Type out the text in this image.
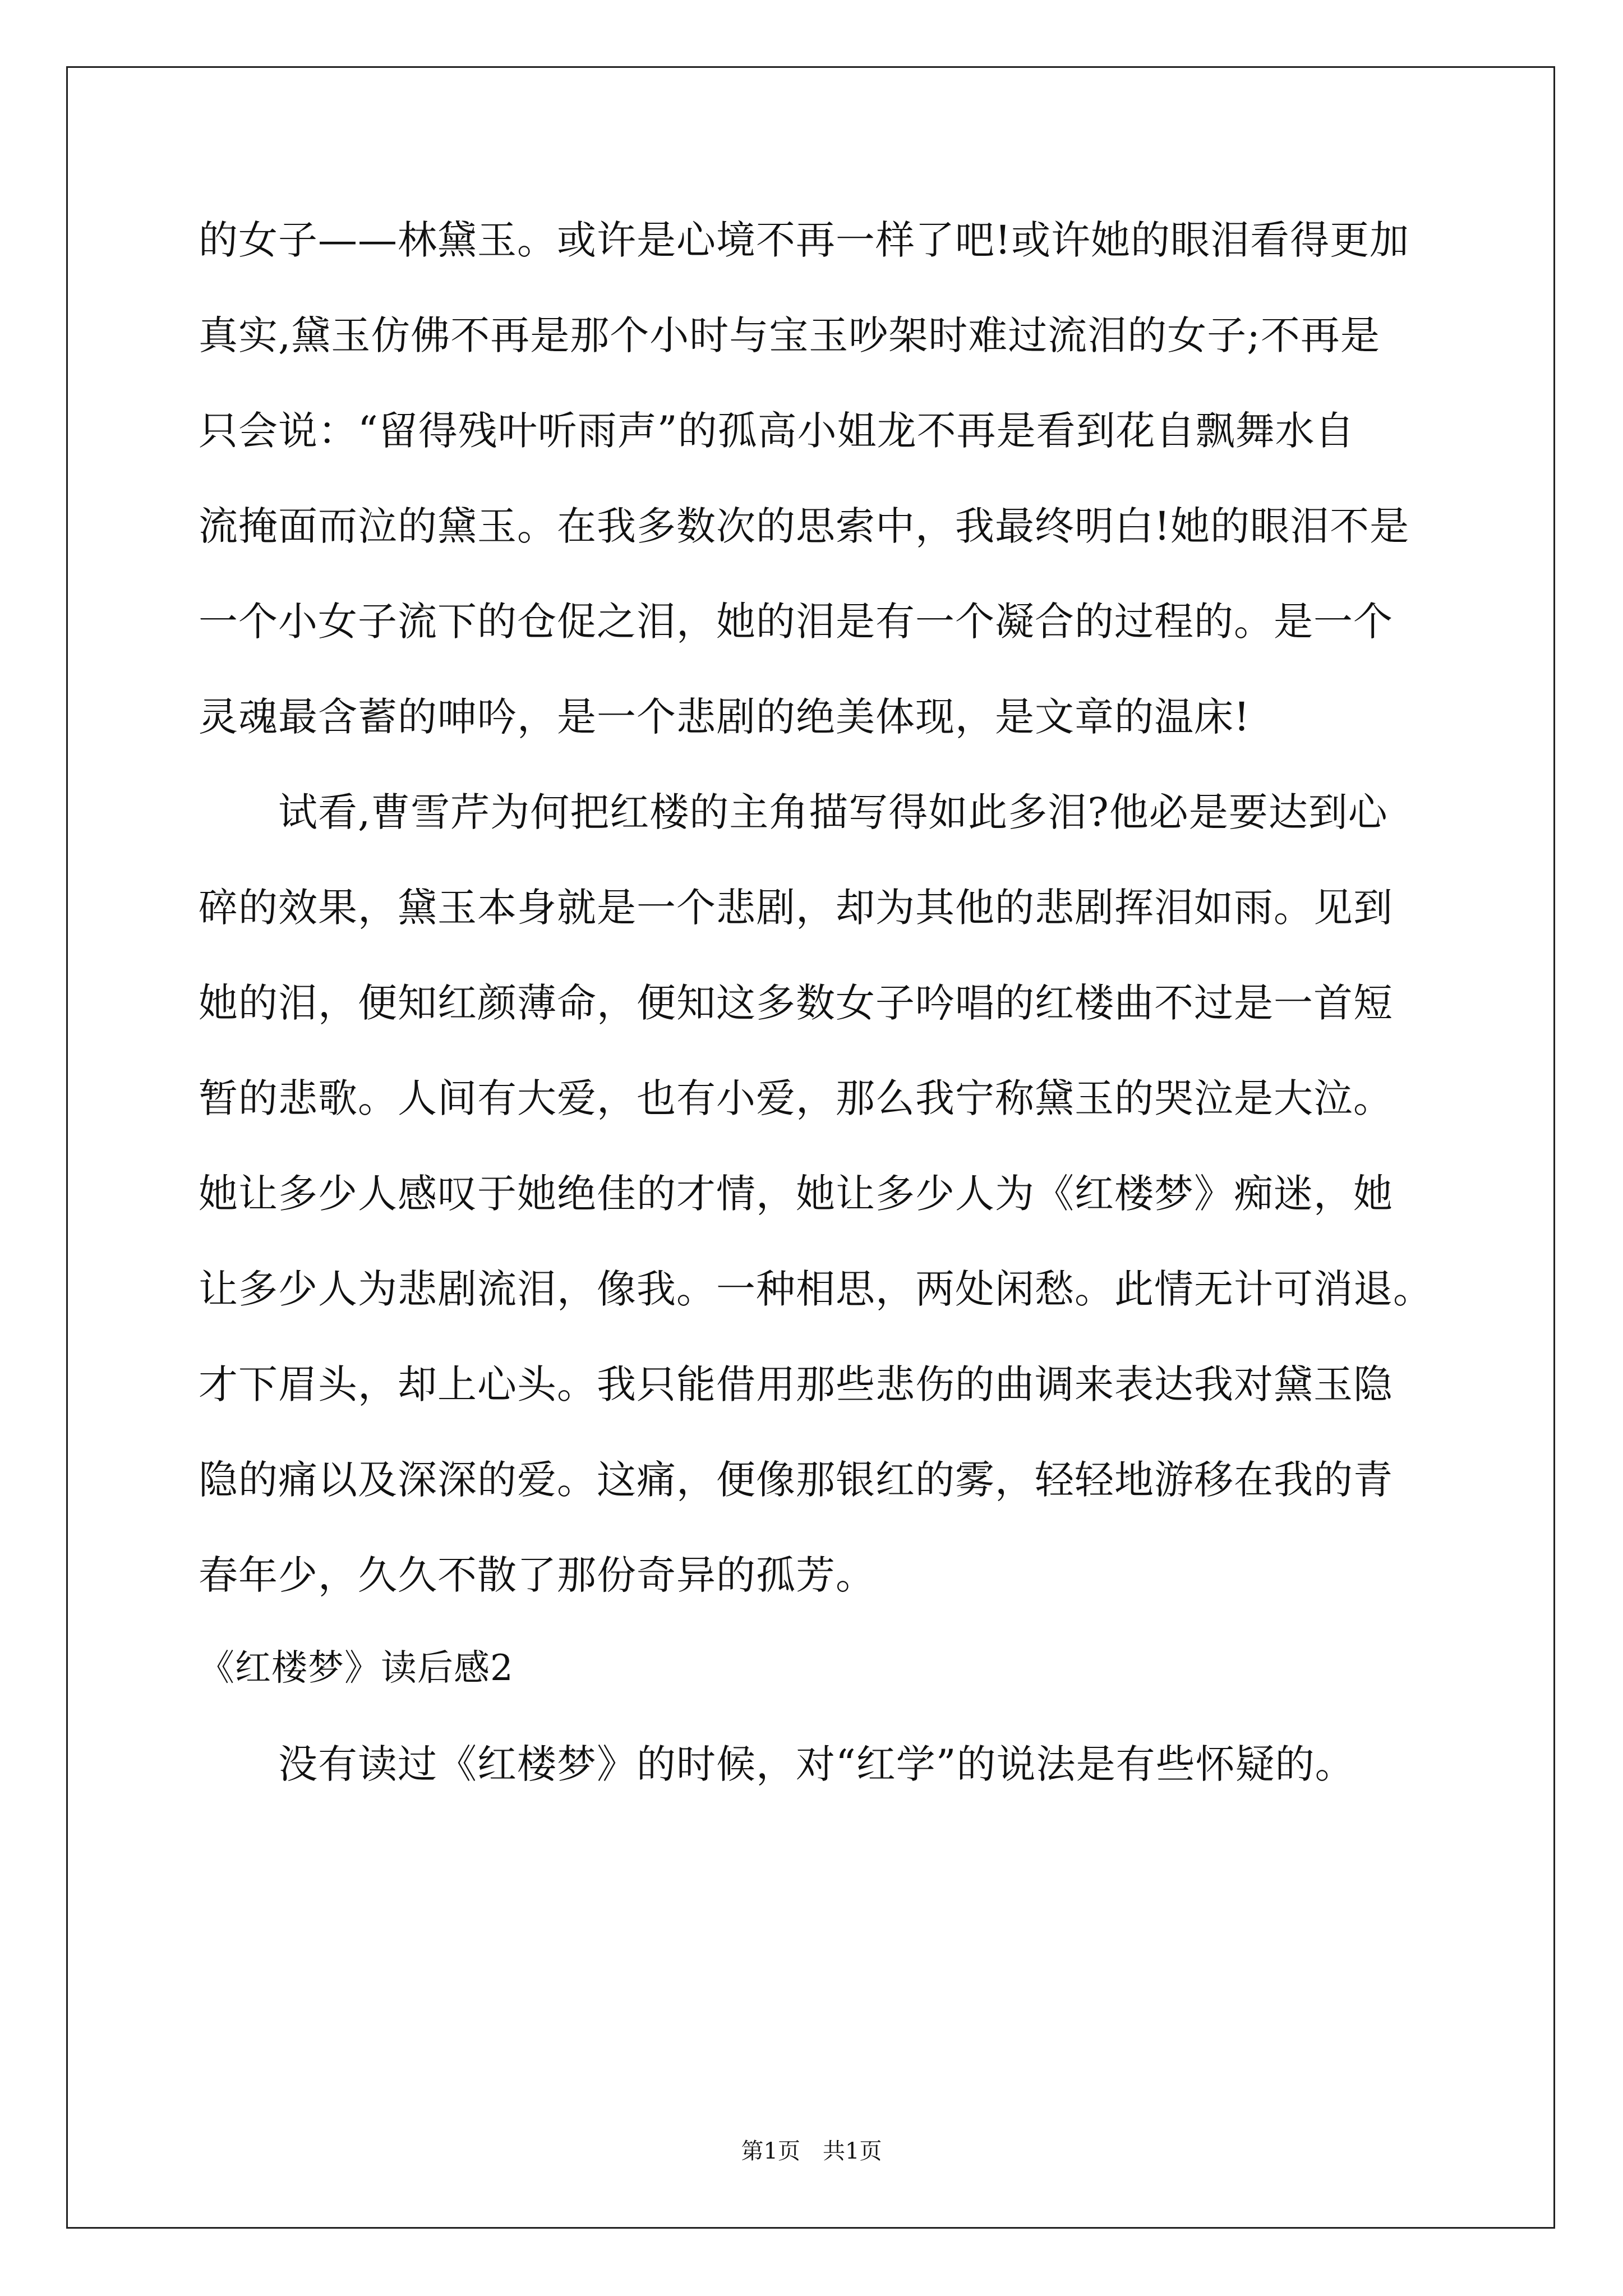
的女子——林黛玉。或许是心境不再一样了吧!或许她的眼泪看得更加
真实,黛玉仿佛不再是那个小时与宝玉吵架时难过流泪的女子;不再是
只会说：“留得残叶听雨声”的孤高小姐龙不再是看到花自飘舞水自
流掩面而泣的黛玉。在我多数次的思索中，我最终明白!她的眼泪不是
一个小女子流下的仓促之泪，她的泪是有一个凝合的过程的。是一个
灵魂最含蓄的呻吟，是一个悲剧的绝美体现，是文章的温床!
　　试看,曹雪芹为何把红楼的主角描写得如此多泪?他必是要达到心
碎的效果，黛玉本身就是一个悲剧，却为其他的悲剧挥泪如雨。见到
她的泪，便知红颜薄命，便知这多数女子吟唱的红楼曲不过是一首短
暂的悲歌。人间有大爱，也有小爱，那么我宁称黛玉的哭泣是大泣。
她让多少人感叹于她绝佳的才情，她让多少人为《红楼梦》痴迷，她
让多少人为悲剧流泪，像我。一种相思，两处闲愁。此情无计可消退。
才下眉头，却上心头。我只能借用那些悲伤的曲调来表达我对黛玉隐
隐的痛以及深深的爱。这痛，便像那银红的雾，轻轻地游移在我的青
春年少，久久不散了那份奇异的孤芳。
《红楼梦》读后感2
　　没有读过《红楼梦》的时候，对“红学”的说法是有些怀疑的。
第1页　共1页
